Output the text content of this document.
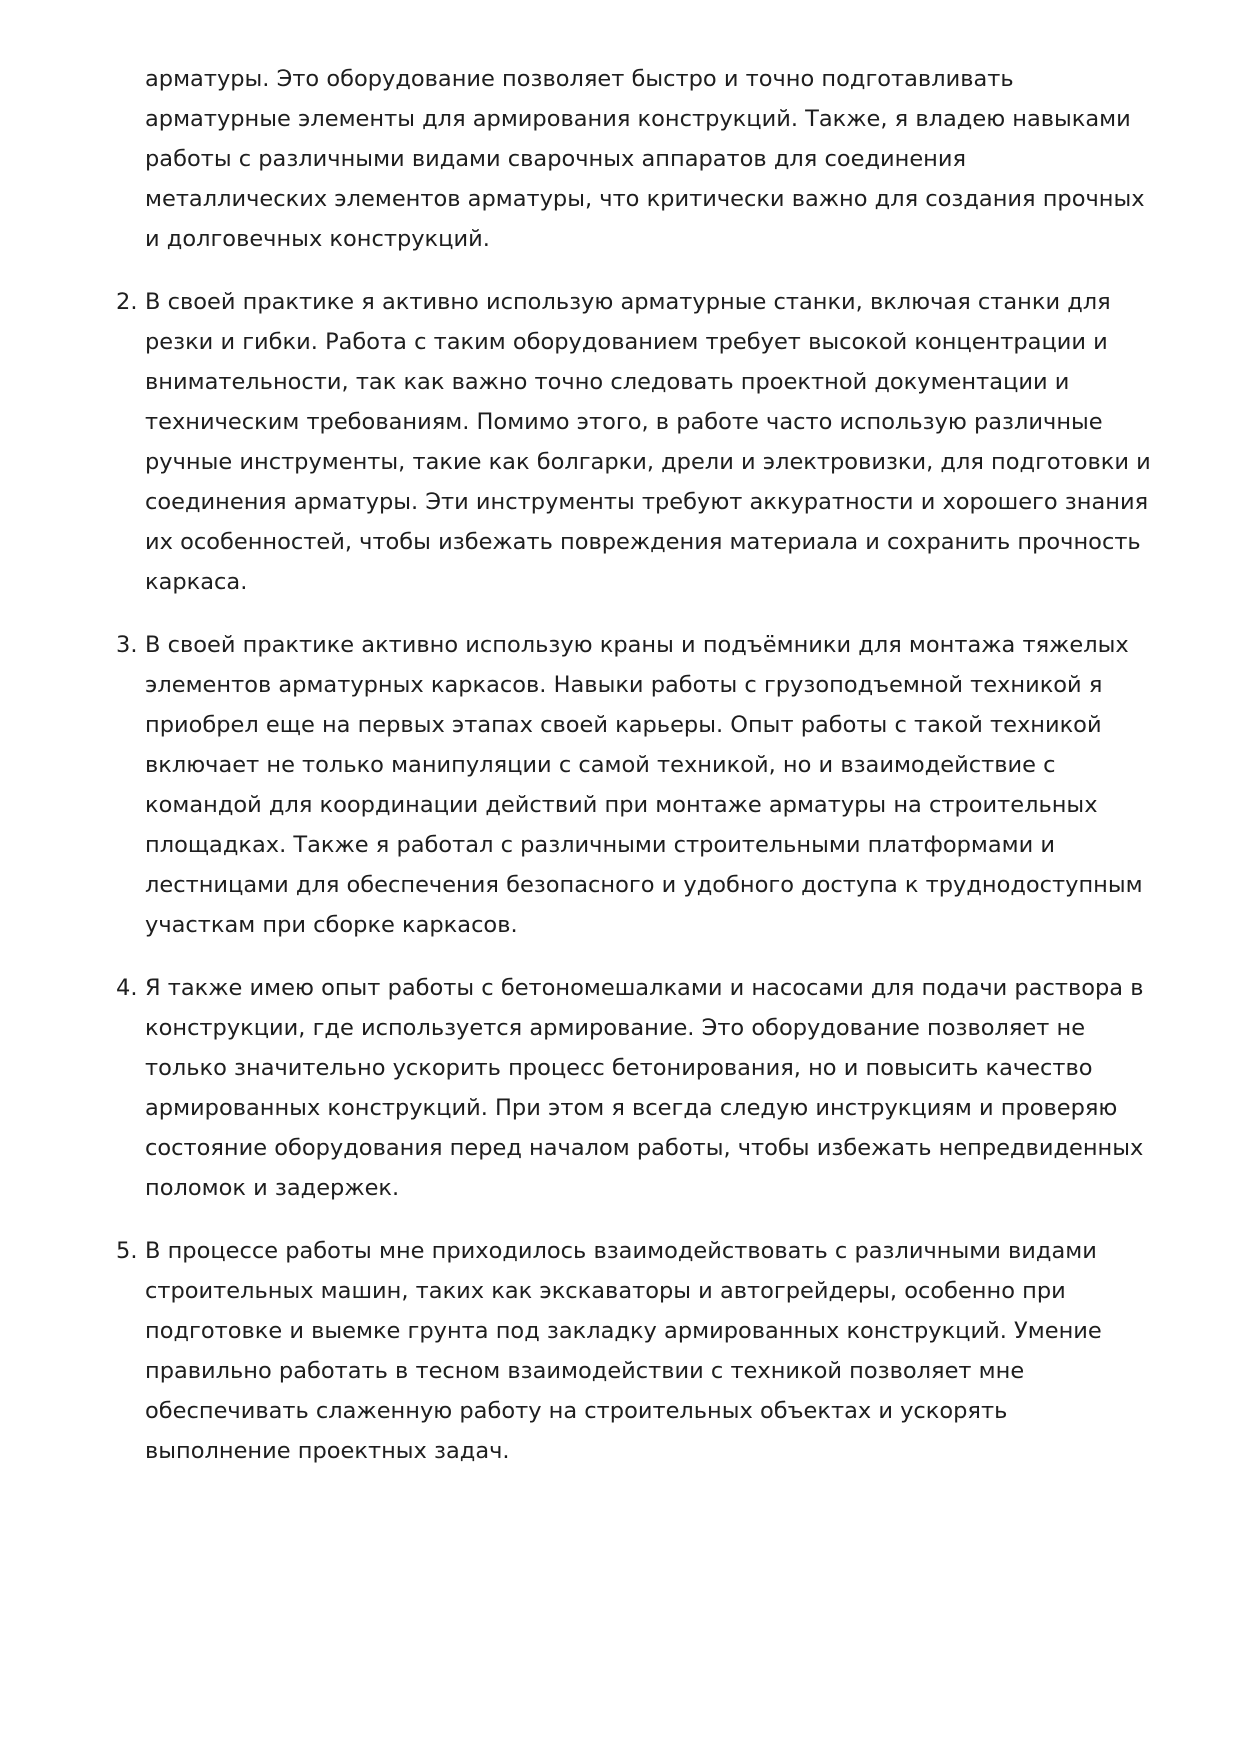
арматуры. Это оборудование позволяет быстро и точно подготавливать арматурные элементы для армирования конструкций. Также, я владею навыками работы с различными видами сварочных аппаратов для соединения металлических элементов арматуры, что критически важно для создания прочных и долговечных конструкций.

2. В своей практике я активно использую арматурные станки, включая станки для резки и гибки. Работа с таким оборудованием требует высокой концентрации и внимательности, так как важно точно следовать проектной документации и техническим требованиям. Помимо этого, в работе часто использую различные ручные инструменты, такие как болгарки, дрели и электровизки, для подготовки и соединения арматуры. Эти инструменты требуют аккуратности и хорошего знания их особенностей, чтобы избежать повреждения материала и сохранить прочность каркаса.
3. В своей практике активно использую краны и подъёмники для монтажа тяжелых элементов арматурных каркасов. Навыки работы с грузоподъемной техникой я приобрел еще на первых этапах своей карьеры. Опыт работы с такой техникой включает не только манипуляции с самой техникой, но и взаимодействие с командой для координации действий при монтаже арматуры на строительных площадках. Также я работал с различными строительными платформами и лестницами для обеспечения безопасного и удобного доступа к труднодоступным участкам при сборке каркасов.
4. Я также имею опыт работы с бетономешалками и насосами для подачи раствора в конструкции, где используется армирование. Это оборудование позволяет не только значительно ускорить процесс бетонирования, но и повысить качество армированных конструкций. При этом я всегда следую инструкциям и проверяю состояние оборудования перед началом работы, чтобы избежать непредвиденных поломок и задержек.
5. В процессе работы мне приходилось взаимодействовать с различными видами строительных машин, таких как экскаваторы и автогрейдеры, особенно при подготовке и выемке грунта под закладку армированных конструкций. Умение правильно работать в тесном взаимодействии с техникой позволяет мне обеспечивать слаженную работу на строительных объектах и ускорять выполнение проектных задач.
